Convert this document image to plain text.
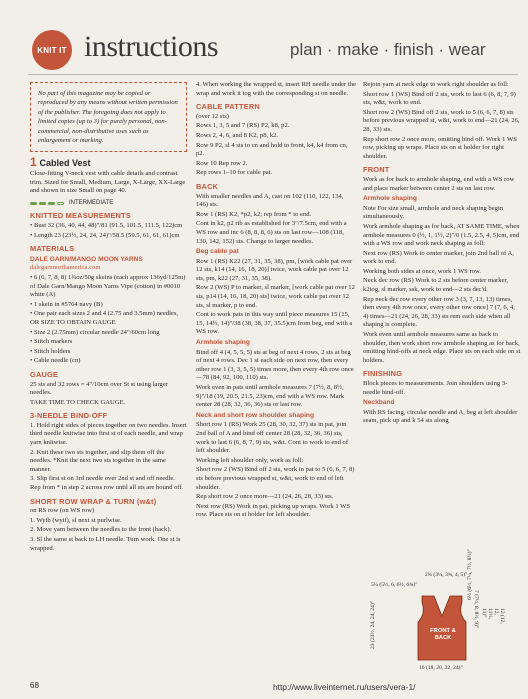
KNIT IT instructions	plan · make · finish · wear
No part of this magazine may be copied or reproduced by any means without written permission of the publisher. The foregoing does not apply to limited copies (up to 3) for purely personal, non-commercial, non-distributive uses such as enlargement or marking.
1 Cabled Vest
Close-fitting V-neck vest with cable details and contrast trim. Sized for Small, Medium, Large, X-Large, XX-Large and shown in size Small on page 40.
INTERMEDIATE
KNITTED MEASUREMENTS
• Bust 32 (36, 40, 44, 48)"/81 (91.5, 101.5, 111.5, 122)cm
• Length 23 (23½, 24, 24, 24)"/58.5 (59.5, 61, 61, 61)cm
MATERIALS
DALE GARN/MANGO MOON YARNS
dalegarnnorthamerica.com
• 6 (6, 7, 8, 8) 1¾oz/50g skeins (each approx 136yd/125m) of Dale Garn/Mango Moon Yarns Vipe (cotton) in #0010 white (A)
• 1 skein in #5764 navy (B)
• One pair each sizes 2 and 4 (2.75 and 3.5mm) needles, OR SIZE TO OBTAIN GAUGE
• Size 2 (2.75mm) circular needle 24"/60cm long
• Stitch markers
• Stitch holders
• Cable needle (cn)
GAUGE
25 sts and 32 rows = 4"/10cm over St st using larger needles.
TAKE TIME TO CHECK GAUGE.
3-NEEDLE BIND-OFF
1. Hold right sides of pieces together on two needles. Insert third needle knitwise into first st of each needle, and wrap yarn knitwise.
2. Knit these two sts together, and slip them off the needles. *Knit the next two sts together in the same manner.
3. Slip first st on 3rd needle over 2nd st and off needle. Rep from * in step 2 across row until all sts are bound off.
SHORT ROW WRAP & TURN (w&t)
on RS row (on WS row)
1. Wyib (wyif), sl next st purlwise.
2. Move yarn between the needles to the front (back).
3. Sl the same st back to LH needle. Turn work. One st is wrapped.
4. When working the wrapped st, insert RH needle under the wrap and work it tog with the corresponding st on needle.
CABLE PATTERN
(over 12 sts)
Rows 1, 3, 5 and 7 (RS) P2, k8, p2.
Rows 2, 4, 6, and 8 K2, p8, k2.
Row 9 P2, sl 4 sts to cn and hold to front, k4, k4 from cn, p2.
Row 10 Rep row 2.
Rep rows 1–10 for cable pat.
BACK
With smaller needles and A, cast on 102 (110, 122, 134, 146) sts.
Row 1 (RS) K2, *p2, k2; rep from * to end.
Cont in k2, p2 rib as established for 3"/7.5cm, end with a WS row and inc 6 (8, 8, 8, 6) sts on last row—108 (118, 130, 142, 152) sts. Change to larger needles.
Beg cable pat
Row 1 (RS) K22 (27, 31, 35, 38), pm, [work cable pat over 12 sts, k14 (14, 16, 18, 20)] twice, work cable pat over 12 sts, pm, k22 (27, 31, 35, 38).
Row 2 (WS) P to marker, sl marker, [work cable pat over 12 sts, p14 (14, 16, 18, 20) sts] twice, work cable pat over 12 sts, sl marker, p to end.
Cont to work pats in this way until piece measures 15 (15, 15, 14½, 14)"/38 (38, 38, 37, 35.5)cm from beg, end with a WS row.
Armhole shaping
Bind off 4 (4, 5, 5, 5) sts at beg of next 4 rows, 2 sts at beg of next 4 rows. Dec 1 st each side on next row, then every other row 1 (3, 3, 5, 5) times more, then every 4th row once—78 (84, 92, 100, 110) sts.
Work even in pats until armhole measures 7 (7½, 8, 8½, 9)"/18 (19, 20.5, 21.5, 23)cm, end with a WS row. Mark center 28 (28, 32, 36, 36) sts or last row.
Neck and short row shoulder shaping
Short row 1 (RS) Work 25 (28, 30, 32, 37) sts in pat, join 2nd ball of A and bind off center 28 (28, 32, 36, 36) sts, work to last 6 (6, 8, 7, 9) sts, w&t. Cont to work to end of left shoulder.
Working left shoulder only, work as foll:
Short row 2 (WS) Bind off 2 sts, work in pat to 5 (6, 6, 7, 8) sts before previous wrapped st, w&t, work to end of left shoulder.
Rep short row 2 once more—21 (24, 26, 28, 33) sts.
Next row (RS) Work in pat, picking up wraps. Work 1 WS row. Place sts on st holder for left shoulder.
Rejoin yarn at neck edge to work right shoulder as foll:
Short row 1 (WS) Bind off 2 sts, work to last 6 (6, 8, 7, 9) sts, w&t, work to end.
Short row 2 (WS) Bind off 2 sts, work to 5 (6, 6, 7, 8) sts before previous wrapped st, w&t, work to end—21 (24, 26, 28, 33) sts.
Rep short row 2 once more, omitting bind off. Work 1 WS row, picking up wraps. Place sts on st holder for right shoulder.
FRONT
Work as for back to armhole shaping, end with a WS row and place marker between center 2 sts on last row.
Armhole shaping
Note For size small, armhole and neck shaping begin simultaneously.
Work armhole shaping as for back, AT SAME TIME, when armhole measures 0 (½, 1, 1½, 2)"/0 (1.5, 2.5, 4, 5)cm, end with a WS row and work neck shaping as foll:
Next row (RS) Work to center marker, join 2nd ball of A, work to end.
Working both sides at once, work 1 WS row.
Neck dec row (RS) Work to 2 sts before center marker, k2tog, sl marker, ssk, work to end—2 sts dec'd.
Rep neck dec row every other row 3 (3, 7, 13, 13) times, then every 4th row once, every other row once] 7 (7, 6, 4, 4) times—21 (24, 26, 28, 33) sts rem each side when all shaping is complete.
Work even until armhole measures same as back to shoulder, then work short row armhole shaping as for back, omitting bind-offs at neck edge. Place sts on each side on st holders.
FINISHING
Block pieces to measurements. Join shoulders using 3-needle bind-off.
Neckband
With RS facing, circular needle and A, beg at left shoulder seam, pick up and k 54 sts along
2¾ (3¼, 3¾, 4, 5)"
5¼ (5½, 6, 6½, 6¾)"
23 (23½, 24, 24, 24)"
6½ (6½, 7¼, 7½, 8½)"
7 (7½, 8, 8½, 9)"	12 (12, 12, 11½, 11)"
FRONT & BACK
16 (18, 20, 22, 24)"
68	http://www.liveinternet.ru/users/vera-1/
